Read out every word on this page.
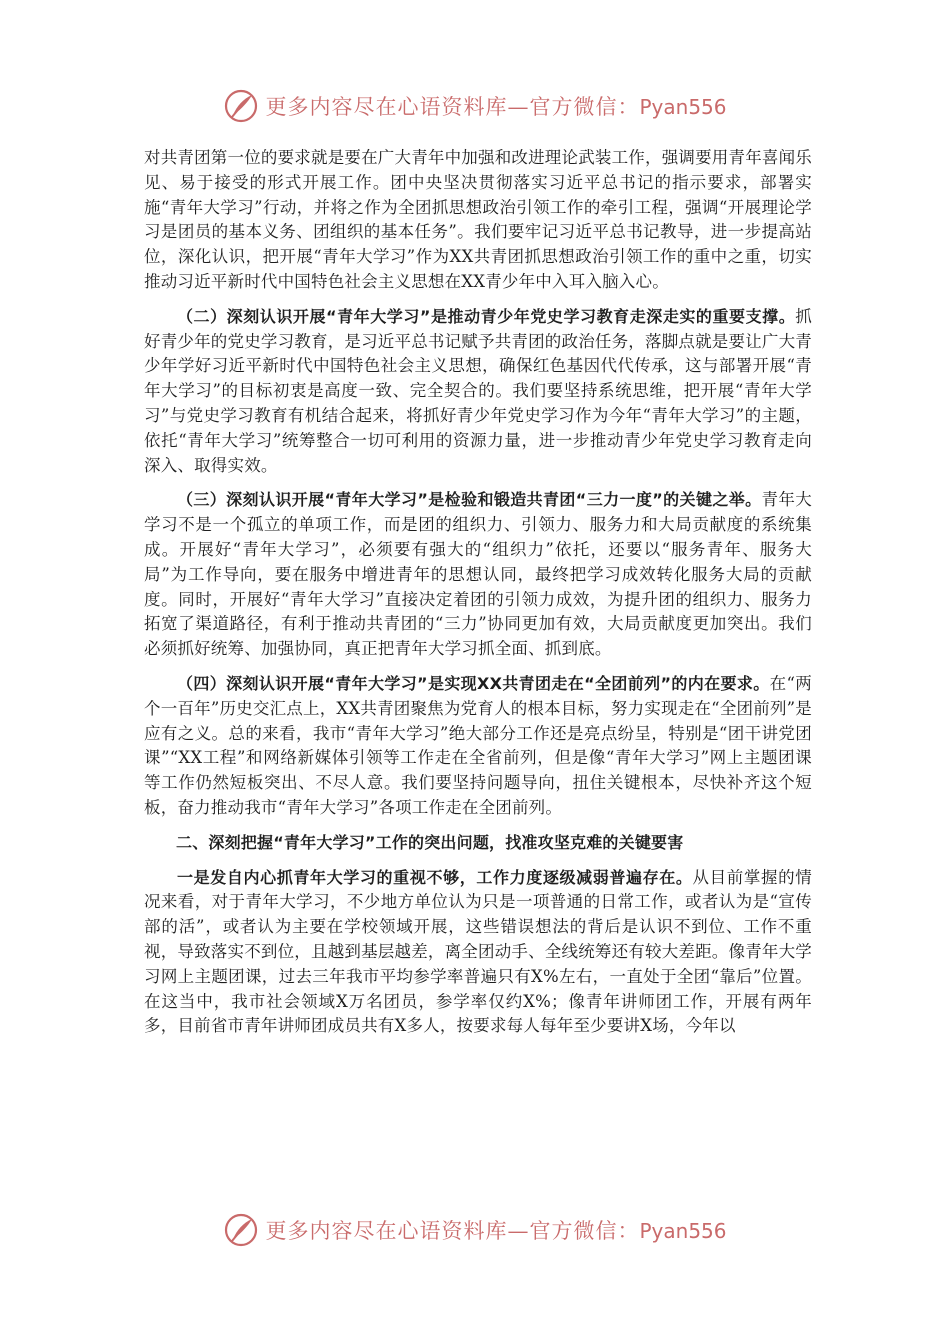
更多内容尽在心语资料库—官方微信：Pyan556

对共青团第一位的要求就是要在广大青年中加强和改进理论武装工作，强调要用青年喜闻乐见、易于接受的形式开展工作。团中央坚决贯彻落实习近平总书记的指示要求，部署实施“青年大学习”行动，并将之作为全团抓思想政治引领工作的牵引工程，强调“开展理论学习是团员的基本义务、团组织的基本任务”。我们要牢记习近平总书记教导，进一步提高站位，深化认识，把开展“青年大学习”作为XX共青团抓思想政治引领工作的重中之重，切实推动习近平新时代中国特色社会主义思想在XX青少年中入耳入脑入心。

（二）深刻认识开展“青年大学习”是推动青少年党史学习教育走深走实的重要支撑。抓好青少年的党史学习教育，是习近平总书记赋予共青团的政治任务，落脚点就是要让广大青少年学好习近平新时代中国特色社会主义思想，确保红色基因代代传承，这与部署开展“青年大学习”的目标初衷是高度一致、完全契合的。我们要坚持系统思维，把开展“青年大学习”与党史学习教育有机结合起来，将抓好青少年党史学习作为今年“青年大学习”的主题，依托“青年大学习”统筹整合一切可利用的资源力量，进一步推动青少年党史学习教育走向深入、取得实效。

（三）深刻认识开展“青年大学习”是检验和锻造共青团“三力一度”的关键之举。青年大学习不是一个孤立的单项工作，而是团的组织力、引领力、服务力和大局贡献度的系统集成。开展好“青年大学习”，必须要有强大的“组织力”依托，还要以“服务青年、服务大局”为工作导向，要在服务中增进青年的思想认同，最终把学习成效转化服务大局的贡献度。同时，开展好“青年大学习”直接决定着团的引领力成效，为提升团的组织力、服务力拓宽了渠道路径，有利于推动共青团的“三力”协同更加有效，大局贡献度更加突出。我们必须抓好统筹、加强协同，真正把青年大学习抓全面、抓到底。

（四）深刻认识开展“青年大学习”是实现XX共青团走在“全团前列”的内在要求。在“两个一百年”历史交汇点上，XX共青团聚焦为党育人的根本目标，努力实现走在“全团前列”是应有之义。总的来看，我市“青年大学习”绝大部分工作还是亮点纷呈，特别是“团干讲党团课”“XX工程”和网络新媒体引领等工作走在全省前列，但是像“青年大学习”网上主题团课等工作仍然短板突出、不尽人意。我们要坚持问题导向，扭住关键根本，尽快补齐这个短板，奋力推动我市“青年大学习”各项工作走在全团前列。

二、深刻把握“青年大学习”工作的突出问题，找准攻坚克难的关键要害

一是发自内心抓青年大学习的重视不够，工作力度逐级减弱普遍存在。从目前掌握的情况来看，对于青年大学习，不少地方单位认为只是一项普通的日常工作，或者认为是“宣传部的活”，或者认为主要在学校领域开展，这些错误想法的背后是认识不到位、工作不重视，导致落实不到位，且越到基层越差，离全团动手、全线统筹还有较大差距。像青年大学习网上主题团课，过去三年我市平均参学率普遍只有X%左右，一直处于全团“靠后”位置。在这当中，我市社会领域X万名团员，参学率仅约X%；像青年讲师团工作，开展有两年多，目前省市青年讲师团成员共有X多人，按要求每人每年至少要讲X场，今年以

更多内容尽在心语资料库—官方微信：Pyan556
